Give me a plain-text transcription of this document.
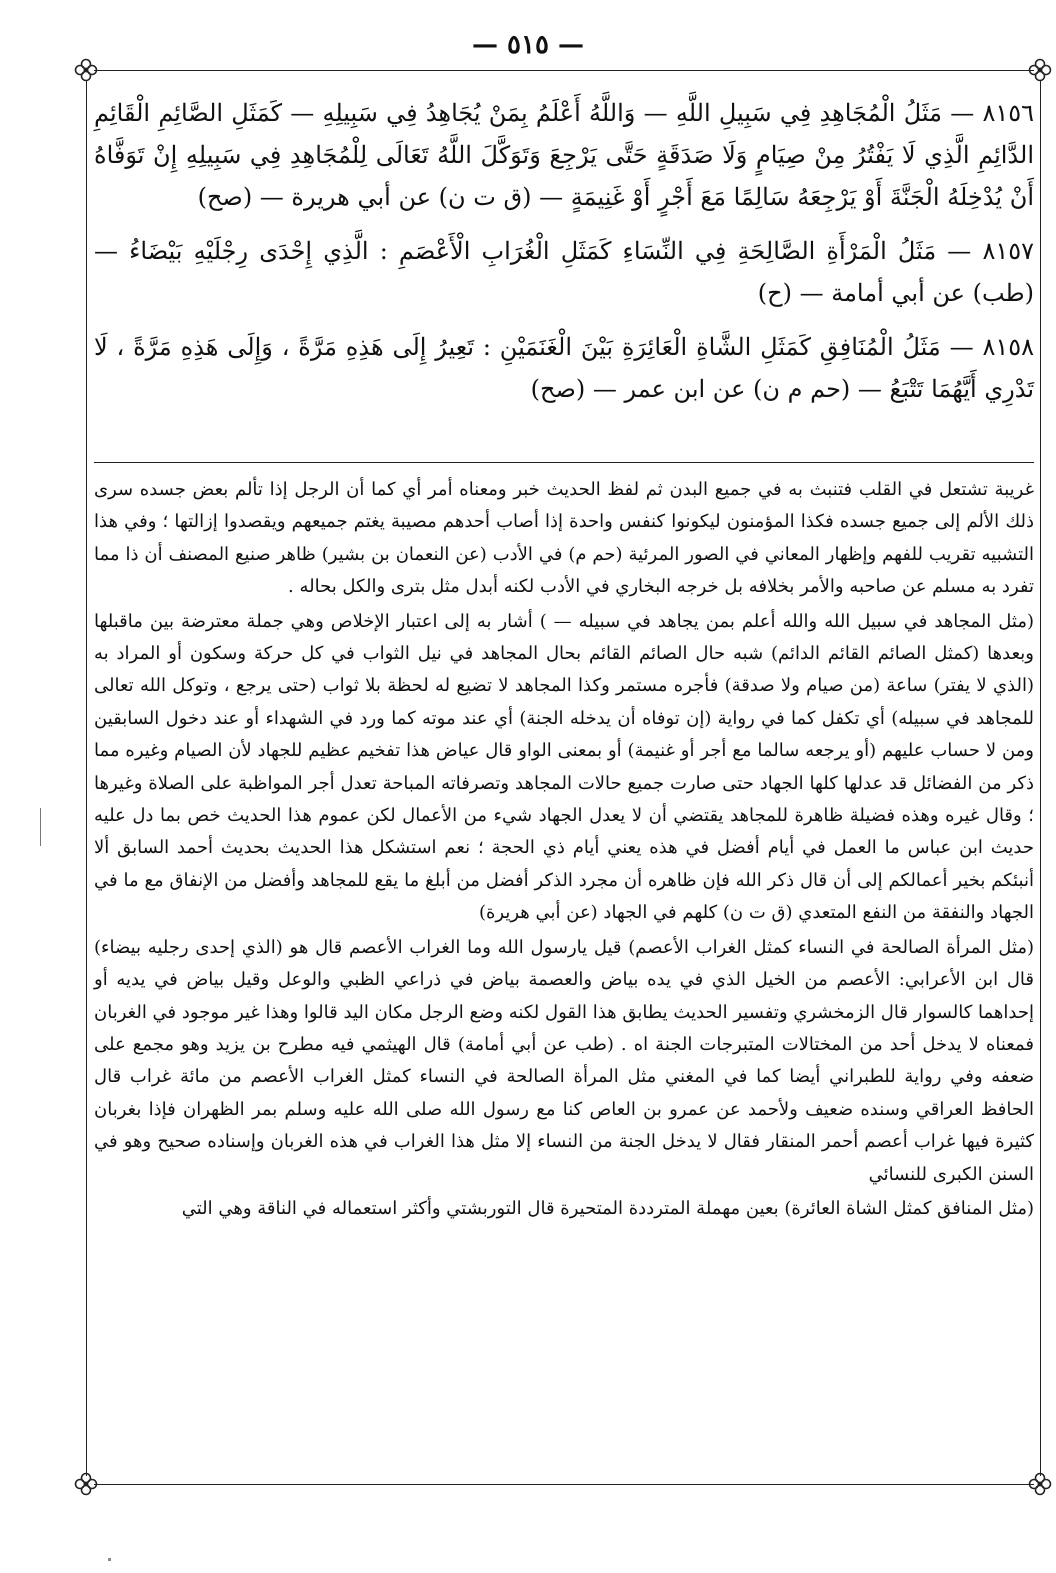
— ٥١٥ —

٨١٥٦ — مَثَلُ الْمُجَاهِدِ فِي سَبِيلِ اللَّهِ — وَاللَّهُ أَعْلَمُ بِمَنْ يُجَاهِدُ فِي سَبِيلِهِ — كَمَثَلِ الصَّائِمِ الْقَائِمِ الدَّائِمِ الَّذِي لَا يَفْتُرُ مِنْ صِيَامٍ وَلَا صَدَقَةٍ حَتَّى يَرْجِعَ وَتَوَكَّلَ اللَّهُ تَعَالَى لِلْمُجَاهِدِ فِي سَبِيلِهِ إِنْ تَوَفَّاهُ أَنْ يُدْخِلَهُ الْجَنَّةَ أَوْ يَرْجِعَهُ سَالِمًا مَعَ أَجْرٍ أَوْ غَنِيمَةٍ — (ق ت ن) عن أبي هريرة — (صح)

٨١٥٧ — مَثَلُ الْمَرْأَةِ الصَّالِحَةِ فِي النِّسَاءِ كَمَثَلِ الْغُرَابِ الْأَعْصَمِ : الَّذِي إِحْدَى رِجْلَيْهِ بَيْضَاءُ — (طب) عن أبي أمامة — (ح)

٨١٥٨ — مَثَلُ الْمُنَافِقِ كَمَثَلِ الشَّاةِ الْعَائِرَةِ بَيْنَ الْغَنَمَيْنِ : تَعِيرُ إِلَى هَذِهِ مَرَّةً ، وَإِلَى هَذِهِ مَرَّةً ، لَا تَدْرِي أَيَّهُمَا تَتْبَعُ — (حم م ن) عن ابن عمر — (صح)

غريبة تشتعل في القلب فتنبث به في جميع البدن ثم لفظ الحديث خبر ومعناه أمر أي كما أن الرجل إذا تألم بعض جسده سرى ذلك الألم إلى جميع جسده فكذا المؤمنون ليكونوا كنفس واحدة إذا أصاب أحدهم مصيبة يغتم جميعهم ويقصدوا إزالتها ؛ وفي هذا التشبيه تقريب للفهم وإظهار المعاني في الصور المرئية (حم م) في الأدب (عن النعمان بن بشير) ظاهر صنيع المصنف أن ذا مما تفرد به مسلم عن صاحبه والأمر بخلافه بل خرجه البخاري في الأدب لكنه أبدل مثل بترى والكل بحاله .

(مثل المجاهد في سبيل الله والله أعلم بمن يجاهد في سبيله — ) أشار به إلى اعتبار الإخلاص وهي جملة معترضة بين ماقبلها وبعدها (كمثل الصائم القائم الدائم) شبه حال الصائم القائم بحال المجاهد في نيل الثواب في كل حركة وسكون أو المراد به (الذي لا يفتر) ساعة (من صيام ولا صدقة) فأجره مستمر وكذا المجاهد لا تضيع له لحظة بلا ثواب (حتى يرجع ، وتوكل الله تعالى للمجاهد في سبيله) أي تكفل كما في رواية (إن توفاه أن يدخله الجنة) أي عند موته كما ورد في الشهداء أو عند دخول السابقين ومن لا حساب عليهم (أو يرجعه سالما مع أجر أو غنيمة) أو بمعنى الواو قال عياض هذا تفخيم عظيم للجهاد لأن الصيام وغيره مما ذكر من الفضائل قد عدلها كلها الجهاد حتى صارت جميع حالات المجاهد وتصرفاته المباحة تعدل أجر المواظبة على الصلاة وغيرها ؛ وقال غيره وهذه فضيلة ظاهرة للمجاهد يقتضي أن لا يعدل الجهاد شيء من الأعمال لكن عموم هذا الحديث خص بما دل عليه حديث ابن عباس ما العمل في أيام أفضل في هذه يعني أيام ذي الحجة ؛ نعم استشكل هذا الحديث بحديث أحمد السابق ألا أنبئكم بخير أعمالكم إلى أن قال ذكر الله فإن ظاهره أن مجرد الذكر أفضل من أبلغ ما يقع للمجاهد وأفضل من الإنفاق مع ما في الجهاد والنفقة من النفع المتعدي (ق ت ن) كلهم في الجهاد (عن أبي هريرة)

(مثل المرأة الصالحة في النساء كمثل الغراب الأعصم) قيل يارسول الله وما الغراب الأعصم قال هو (الذي إحدى رجليه بيضاء) قال ابن الأعرابي: الأعصم من الخيل الذي في يده بياض والعصمة بياض في ذراعي الظبي والوعل وقيل بياض في يديه أو إحداهما كالسوار قال الزمخشري وتفسير الحديث يطابق هذا القول لكنه وضع الرجل مكان اليد قالوا وهذا غير موجود في الغربان فمعناه لا يدخل أحد من المختالات المتبرجات الجنة اه . (طب عن أبي أمامة) قال الهيثمي فيه مطرح بن يزيد وهو مجمع على ضعفه وفي رواية للطبراني أيضا كما في المغني مثل المرأة الصالحة في النساء كمثل الغراب الأعصم من مائة غراب قال الحافظ العراقي وسنده ضعيف ولأحمد عن عمرو بن العاص كنا مع رسول الله صلى الله عليه وسلم بمر الظهران فإذا بغربان كثيرة فيها غراب أعصم أحمر المنقار فقال لا يدخل الجنة من النساء إلا مثل هذا الغراب في هذه الغربان وإسناده صحيح وهو في السنن الكبرى للنسائي

(مثل المنافق كمثل الشاة العائرة) بعين مهملة المترددة المتحيرة قال التوربشتي وأكثر استعماله في الناقة وهي التي
